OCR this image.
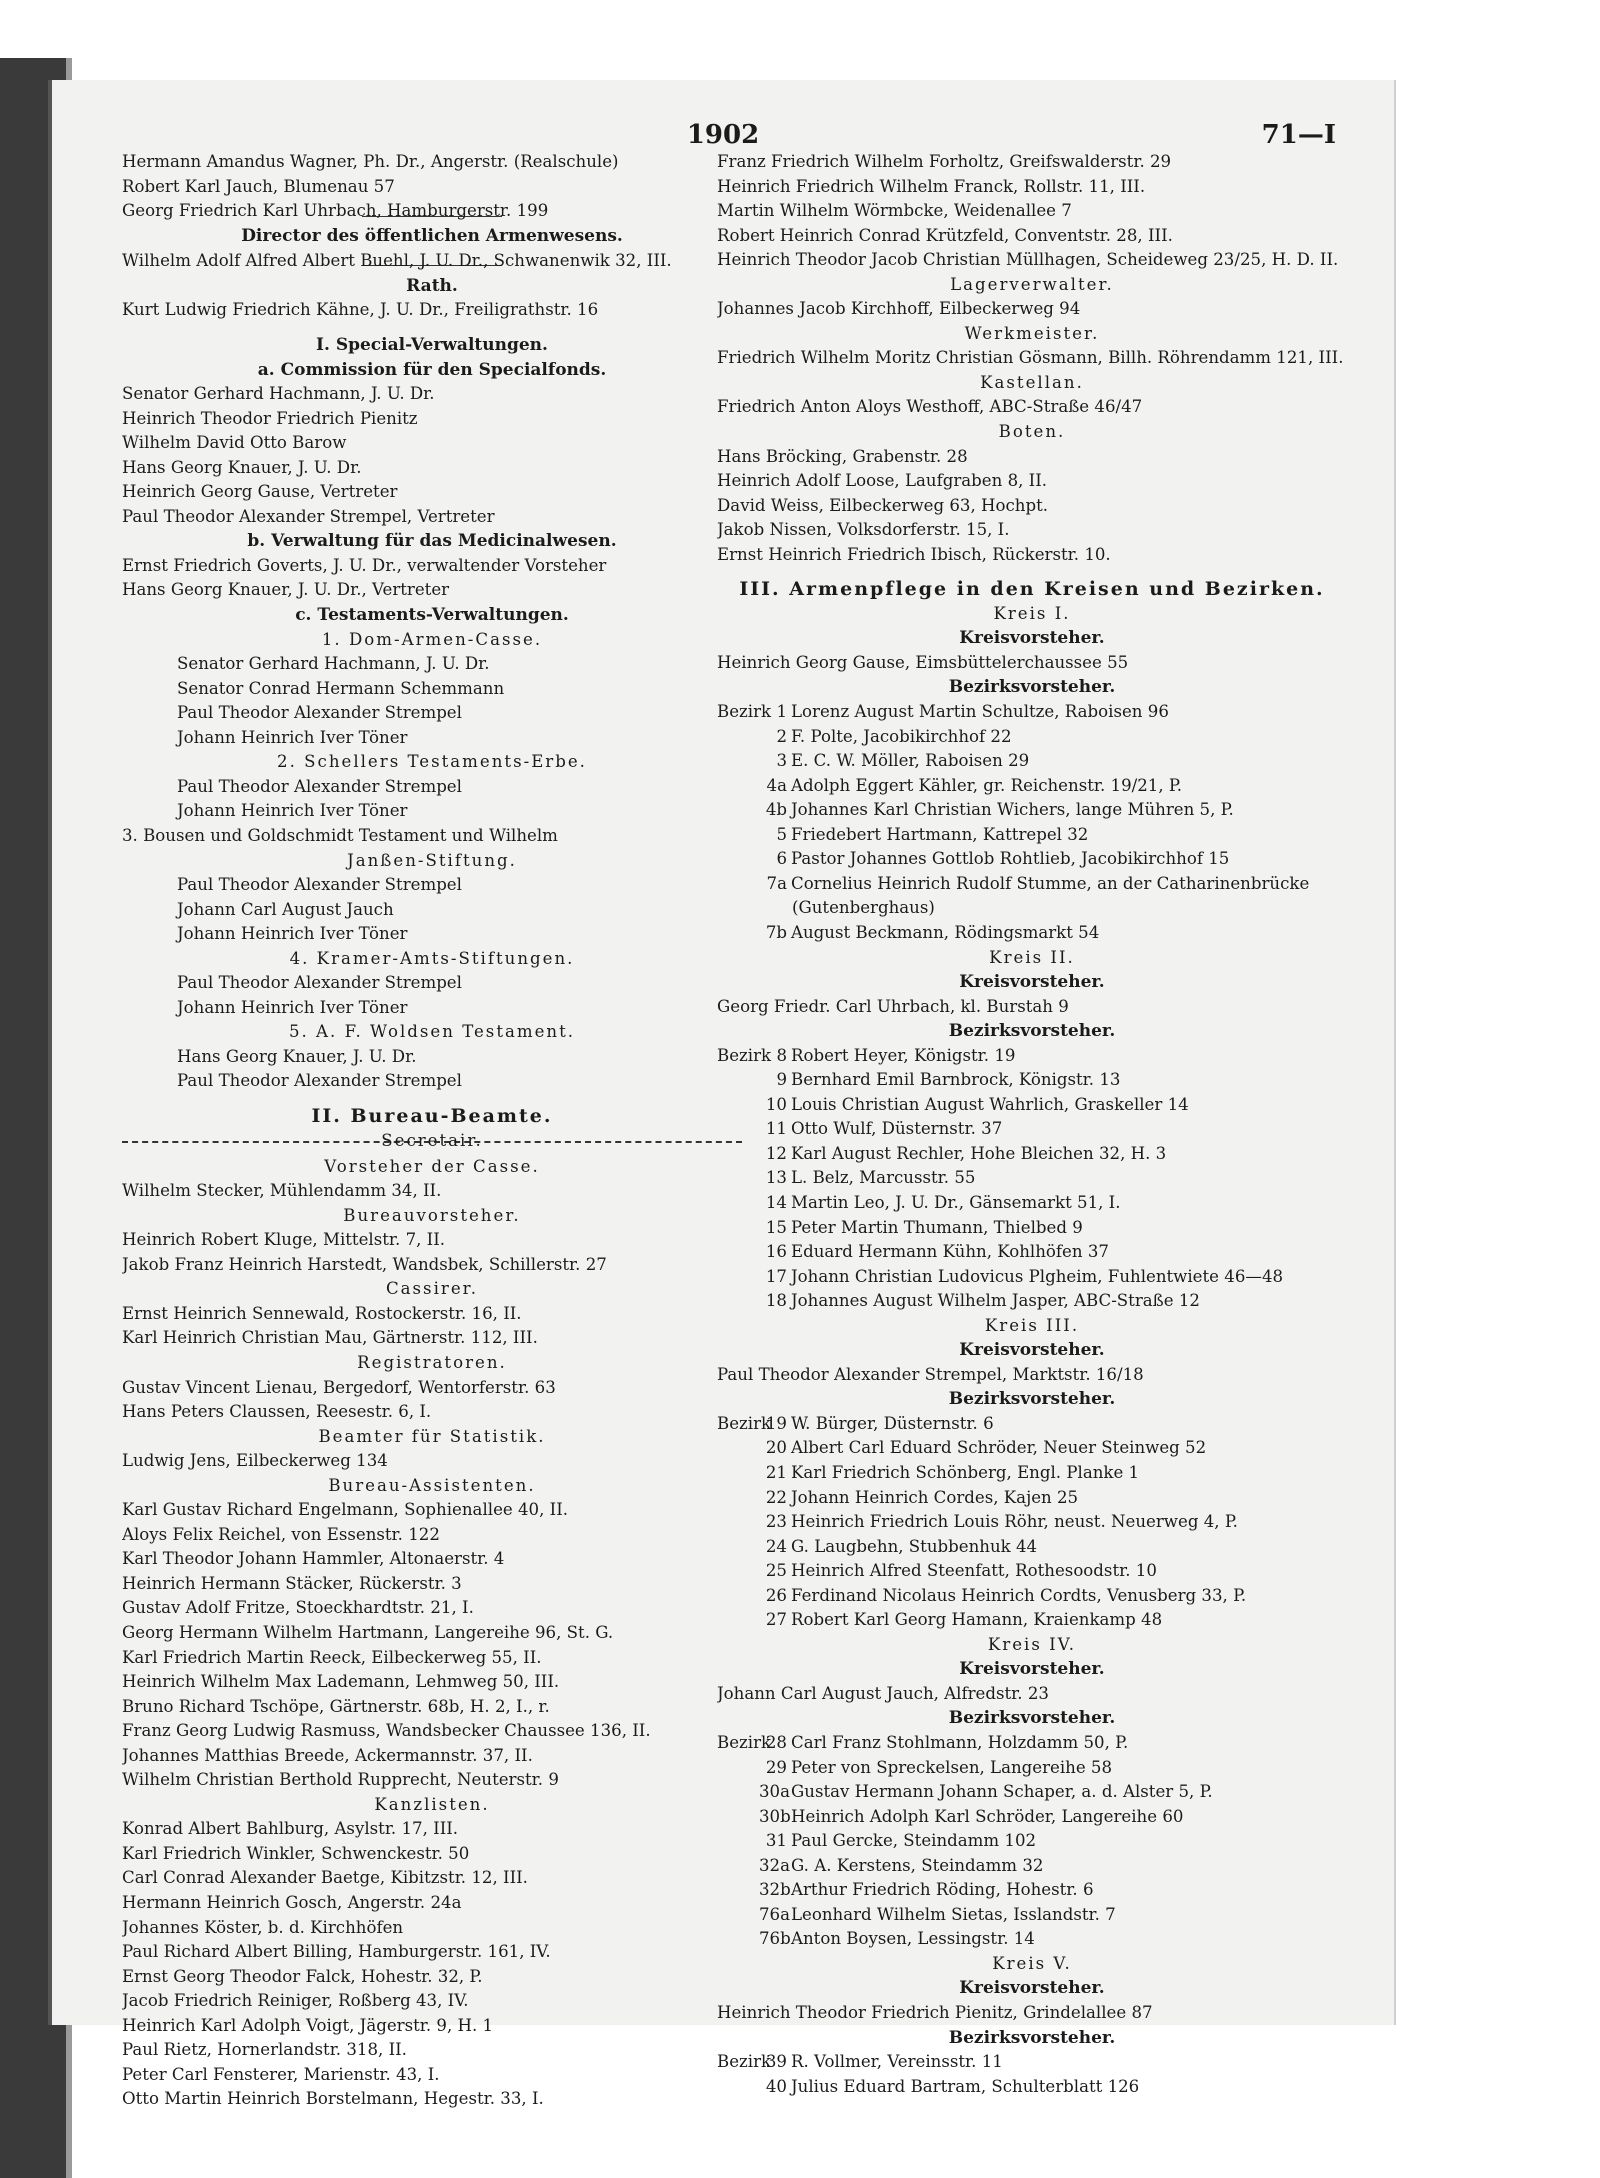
1902	71—I
Hermann Amandus Wagner, Ph. Dr., Angerstr. (Realschule)
Robert Karl Jauch, Blumenau 57
Georg Friedrich Karl Uhrbach, Hamburgerstr. 199
Director des öffentlichen Armenwesens.
Wilhelm Adolf Alfred Albert Buehl, J. U. Dr., Schwanenwik 32, III.
Rath.
Kurt Ludwig Friedrich Kähne, J. U. Dr., Freiligrathstr. 16
I. Special-Verwaltungen.
a. Commission für den Specialfonds.
Senator Gerhard Hachmann, J. U. Dr.
Heinrich Theodor Friedrich Pienitz
Wilhelm David Otto Barow
Hans Georg Knauer, J. U. Dr.
Heinrich Georg Gause, Vertreter
Paul Theodor Alexander Strempel, Vertreter
b. Verwaltung für das Medicinalwesen.
Ernst Friedrich Goverts, J. U. Dr., verwaltender Vorsteher
Hans Georg Knauer, J. U. Dr., Vertreter
c. Testaments-Verwaltungen.
1. Dom-Armen-Casse.
Senator Gerhard Hachmann, J. U. Dr.
Senator Conrad Hermann Schemmann
Paul Theodor Alexander Strempel
Johann Heinrich Iver Töner
2. Schellers Testaments-Erbe.
Paul Theodor Alexander Strempel
Johann Heinrich Iver Töner
3. Bousen und Goldschmidt Testament und Wilhelm
Janßen-Stiftung.
Paul Theodor Alexander Strempel
Johann Carl August Jauch
Johann Heinrich Iver Töner
4. Kramer-Amts-Stiftungen.
Paul Theodor Alexander Strempel
Johann Heinrich Iver Töner
5. A. F. Woldsen Testament.
Hans Georg Knauer, J. U. Dr.
Paul Theodor Alexander Strempel
II. Bureau-Beamte.
Secretair.
Vorsteher der Casse.
Wilhelm Stecker, Mühlendamm 34, II.
Bureauvorsteher.
Heinrich Robert Kluge, Mittelstr. 7, II.
Jakob Franz Heinrich Harstedt, Wandsbek, Schillerstr. 27
Cassirer.
Ernst Heinrich Sennewald, Rostockerstr. 16, II.
Karl Heinrich Christian Mau, Gärtnerstr. 112, III.
Registratoren.
Gustav Vincent Lienau, Bergedorf, Wentorferstr. 63
Hans Peters Claussen, Reesestr. 6, I.
Beamter für Statistik.
Ludwig Jens, Eilbeckerweg 134
Bureau-Assistenten.
Karl Gustav Richard Engelmann, Sophienallee 40, II.
Aloys Felix Reichel, von Essenstr. 122
Karl Theodor Johann Hammler, Altonaerstr. 4
Heinrich Hermann Stäcker, Rückerstr. 3
Gustav Adolf Fritze, Stoeckhardtstr. 21, I.
Georg Hermann Wilhelm Hartmann, Langereihe 96, St. G.
Karl Friedrich Martin Reeck, Eilbeckerweg 55, II.
Heinrich Wilhelm Max Lademann, Lehmweg 50, III.
Bruno Richard Tschöpe, Gärtnerstr. 68b, H. 2, I., r.
Franz Georg Ludwig Rasmuss, Wandsbecker Chaussee 136, II.
Johannes Matthias Breede, Ackermannstr. 37, II.
Wilhelm Christian Berthold Rupprecht, Neuterstr. 9
Kanzlisten.
Konrad Albert Bahlburg, Asylstr. 17, III.
Karl Friedrich Winkler, Schwenckestr. 50
Carl Conrad Alexander Baetge, Kibitzstr. 12, III.
Hermann Heinrich Gosch, Angerstr. 24a
Johannes Köster, b. d. Kirchhöfen
Paul Richard Albert Billing, Hamburgerstr. 161, IV.
Ernst Georg Theodor Falck, Hohestr. 32, P.
Jacob Friedrich Reiniger, Roßberg 43, IV.
Heinrich Karl Adolph Voigt, Jägerstr. 9, H. 1
Paul Rietz, Hornerlandstr. 318, II.
Peter Carl Fensterer, Marienstr. 43, I.
Otto Martin Heinrich Borstelmann, Hegestr. 33, I.
Franz Friedrich Wilhelm Forholtz, Greifswalderstr. 29
Heinrich Friedrich Wilhelm Franck, Rollstr. 11, III.
Martin Wilhelm Wörmbcke, Weidenallee 7
Robert Heinrich Conrad Krützfeld, Conventstr. 28, III.
Heinrich Theodor Jacob Christian Müllhagen, Scheideweg 23/25, H. D. II.
Lagerverwalter.
Johannes Jacob Kirchhoff, Eilbeckerweg 94
Werkmeister.
Friedrich Wilhelm Moritz Christian Gösmann, Billh. Röhrendamm 121, III.
Kastellan.
Friedrich Anton Aloys Westhoff, ABC-Straße 46/47
Boten.
Hans Bröcking, Grabenstr. 28
Heinrich Adolf Loose, Laufgraben 8, II.
David Weiss, Eilbeckerweg 63, Hochpt.
Jakob Nissen, Volksdorferstr. 15, I.
Ernst Heinrich Friedrich Ibisch, Rückerstr. 10.
III. Armenpflege in den Kreisen und Bezirken.
Kreis I.
Kreisvorsteher.
Heinrich Georg Gause, Eimsbüttelerchaussee 55
Bezirksvorsteher.
Bezirk 1 Lorenz August Martin Schultze, Raboisen 96
2 F. Polte, Jacobikirchhof 22
3 E. C. W. Möller, Raboisen 29
4a Adolph Eggert Kähler, gr. Reichenstr. 19/21, P.
4b Johannes Karl Christian Wichers, lange Mühren 5, P.
5 Friedebert Hartmann, Kattrepel 32
6 Pastor Johannes Gottlob Rohtlieb, Jacobikirchhof 15
7a Cornelius Heinrich Rudolf Stumme, an der Catharinenbrücke
(Gutenberghaus)
7b August Beckmann, Rödingsmarkt 54
Kreis II.
Kreisvorsteher.
Georg Friedr. Carl Uhrbach, kl. Burstah 9
Bezirksvorsteher.
Bezirk 8 Robert Heyer, Königstr. 19
9 Bernhard Emil Barnbrock, Königstr. 13
10 Louis Christian August Wahrlich, Graskeller 14
11 Otto Wulf, Düsternstr. 37
12 Karl August Rechler, Hohe Bleichen 32, H. 3
13 L. Belz, Marcusstr. 55
14 Martin Leo, J. U. Dr., Gänsemarkt 51, I.
15 Peter Martin Thumann, Thielbed 9
16 Eduard Hermann Kühn, Kohlhöfen 37
17 Johann Christian Ludovicus Plgheim, Fuhlentwiete 46—48
18 Johannes August Wilhelm Jasper, ABC-Straße 12
Kreis III.
Kreisvorsteher.
Paul Theodor Alexander Strempel, Marktstr. 16/18
Bezirksvorsteher.
Bezirk19 W. Bürger, Düsternstr. 6
20 Albert Carl Eduard Schröder, Neuer Steinweg 52
21 Karl Friedrich Schönberg, Engl. Planke 1
22 Johann Heinrich Cordes, Kajen 25
23 Heinrich Friedrich Louis Röhr, neust. Neuerweg 4, P.
24 G. Laugbehn, Stubbenhuk 44
25 Heinrich Alfred Steenfatt, Rothesoodstr. 10
26 Ferdinand Nicolaus Heinrich Cordts, Venusberg 33, P.
27 Robert Karl Georg Hamann, Kraienkamp 48
Kreis IV.
Kreisvorsteher.
Johann Carl August Jauch, Alfredstr. 23
Bezirksvorsteher.
Bezirk28 Carl Franz Stohlmann, Holzdamm 50, P.
29 Peter von Spreckelsen, Langereihe 58
30aGustav Hermann Johann Schaper, a. d. Alster 5, P.
30bHeinrich Adolph Karl Schröder, Langereihe 60
31 Paul Gercke, Steindamm 102
32aG. A. Kerstens, Steindamm 32
32bArthur Friedrich Röding, Hohestr. 6
76aLeonhard Wilhelm Sietas, Isslandstr. 7
76bAnton Boysen, Lessingstr. 14
Kreis V.
Kreisvorsteher.
Heinrich Theodor Friedrich Pienitz, Grindelallee 87
Bezirksvorsteher.
Bezirk39 R. Vollmer, Vereinsstr. 11
40 Julius Eduard Bartram, Schulterblatt 126
